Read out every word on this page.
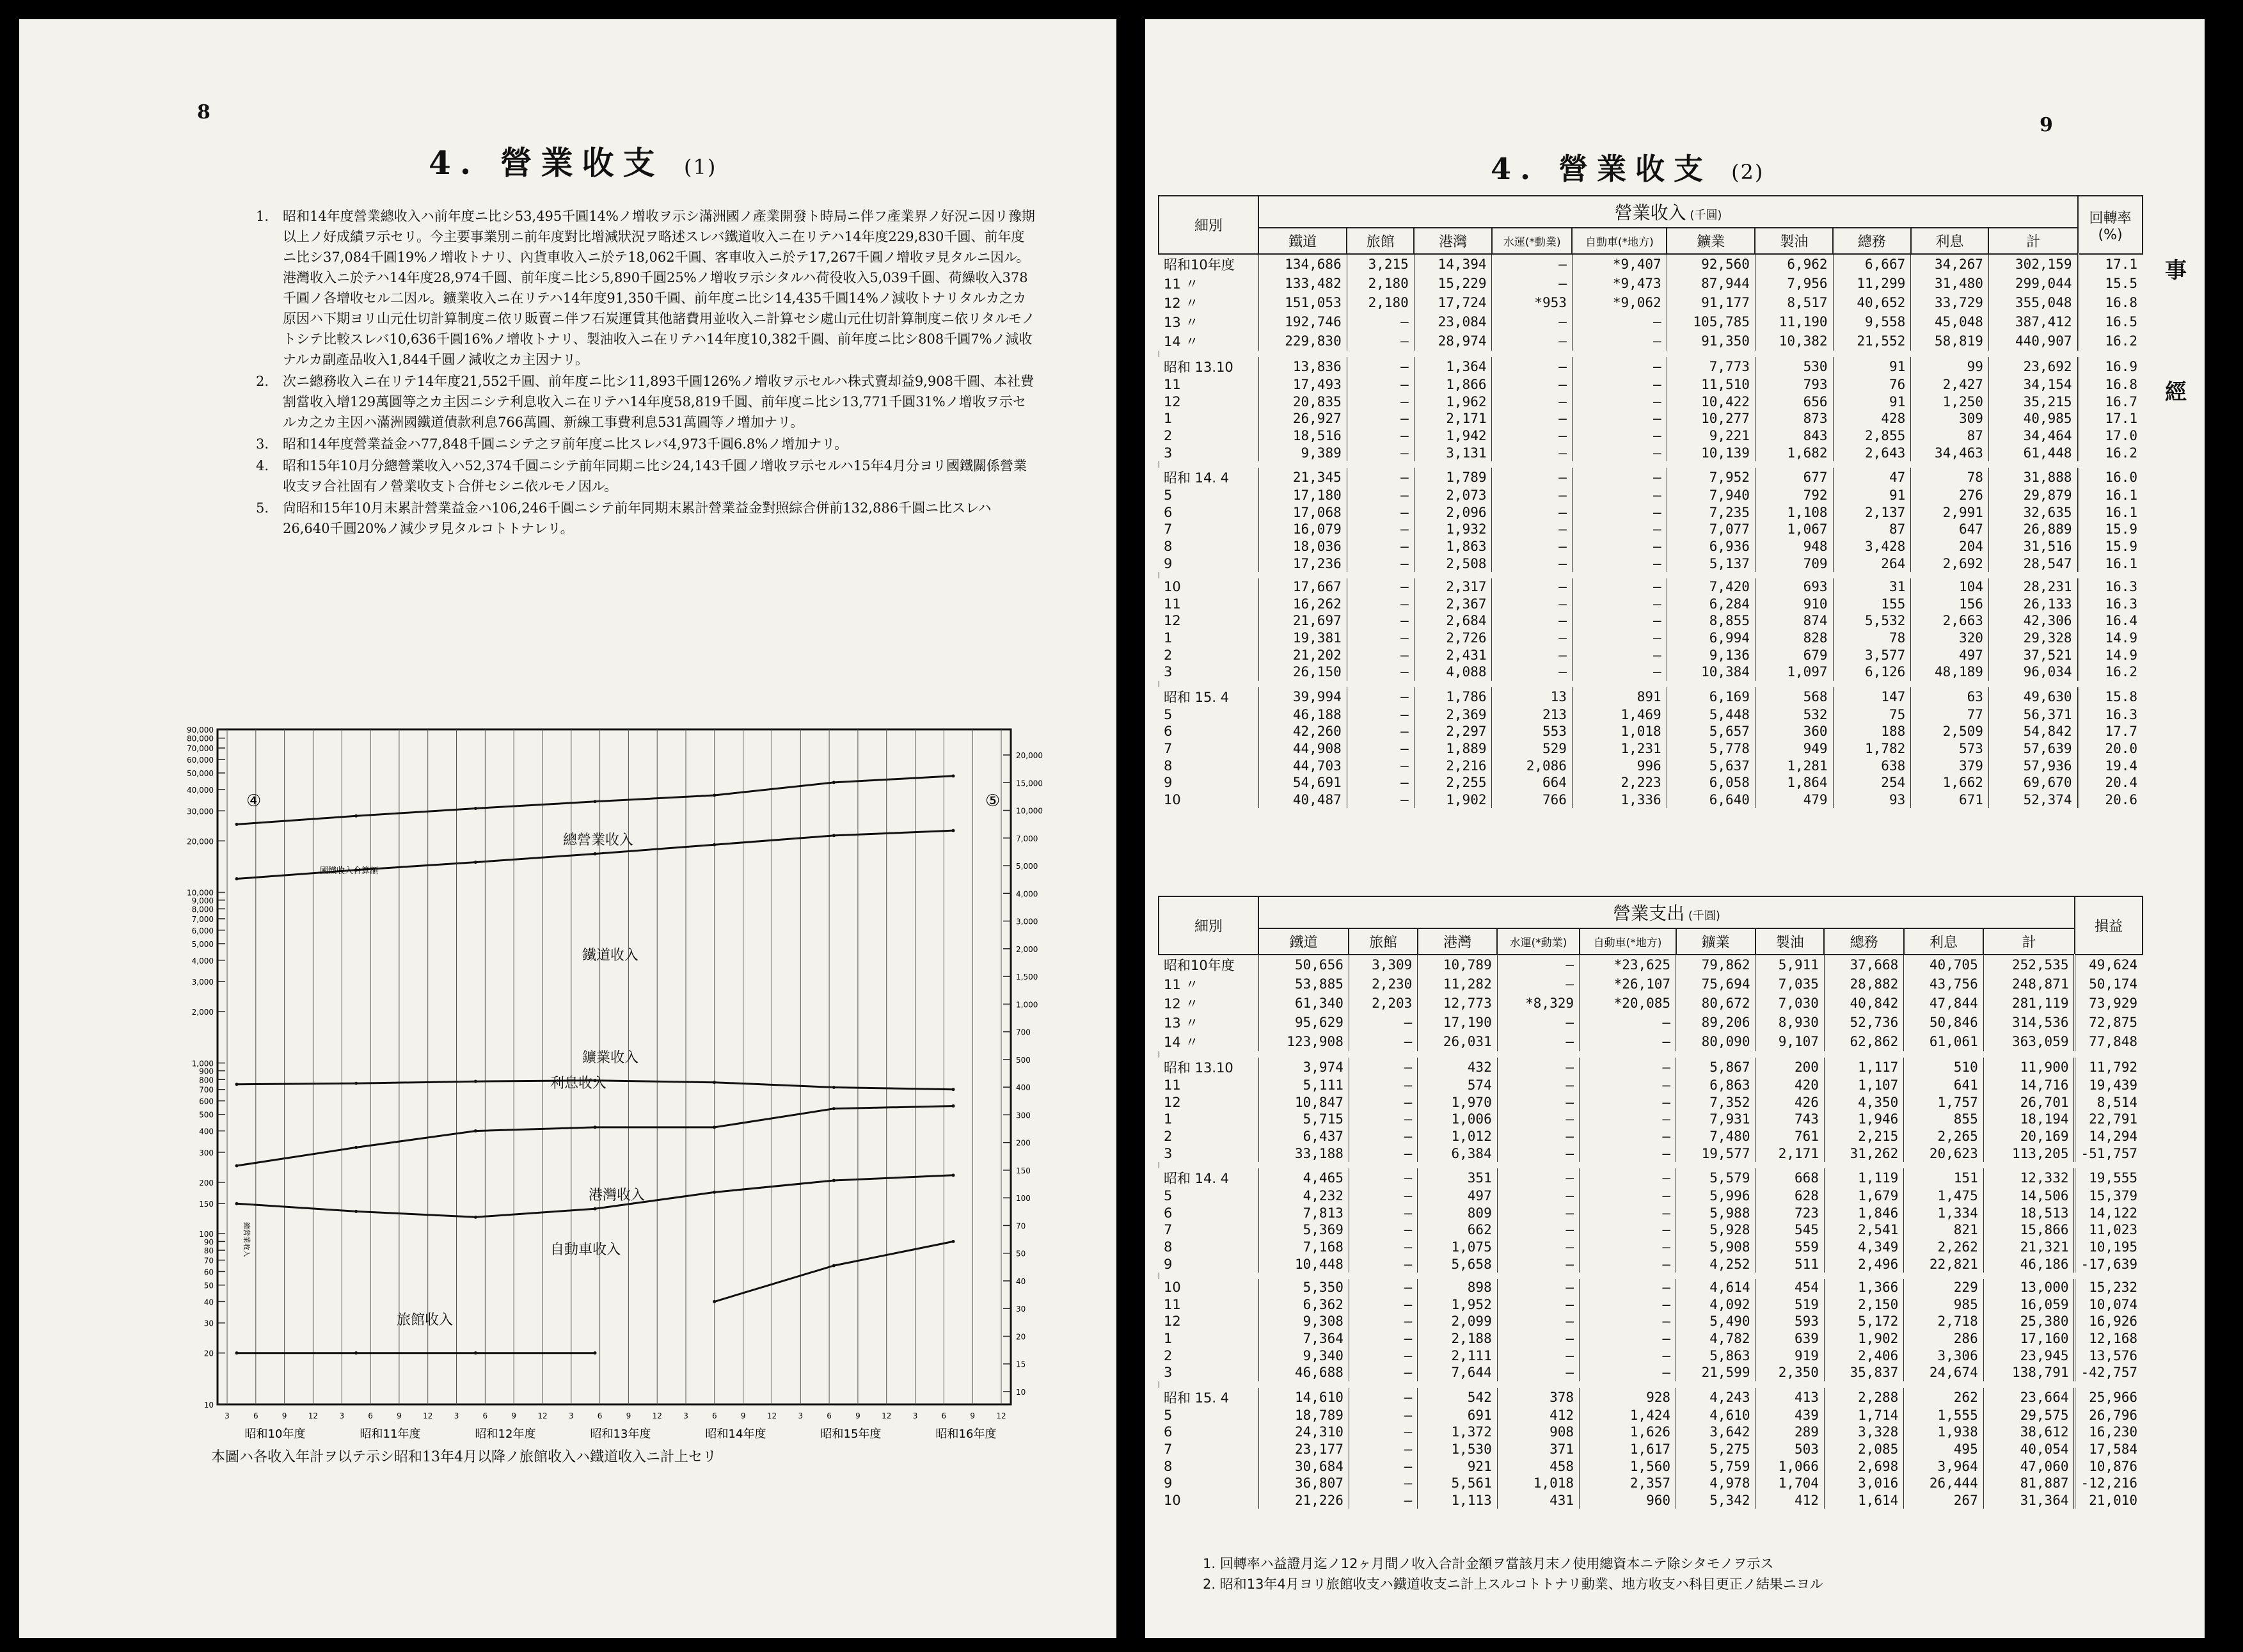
8
4. 營業收支 (1)
1.	昭和14年度營業總收入ハ前年度ニ比シ53,495千圓14%ノ增收ヲ示シ滿洲國ノ產業開發ト時局ニ伴フ產業界ノ好況ニ因リ豫期以上ノ好成績ヲ示セリ。今主要事業別ニ前年度對比增減狀況ヲ略述スレバ鐵道收入ニ在リテハ14年度229,830千圓、前年度ニ比シ37,084千圓19%ノ增收トナリ、內貨車收入ニ於テ18,062千圓、客車收入ニ於テ17,267千圓ノ增收ヲ見タルニ因ル。港灣收入ニ於テハ14年度28,974千圓、前年度ニ比シ5,890千圓25%ノ增收ヲ示シタルハ荷役收入5,039千圓、荷繰收入378千圓ノ各增收セル二因ル。鑛業收入ニ在リテハ14年度91,350千圓、前年度ニ比シ14,435千圓14%ノ減收トナリタルカ之カ原因ハ下期ヨリ山元仕切計算制度ニ依リ販賣ニ伴フ石炭運賃其他諸費用並收入ニ計算セシ處山元仕切計算制度ニ依リタルモノトシテ比較スレバ10,636千圓16%ノ增收トナリ、製油收入ニ在リテハ14年度10,382千圓、前年度ニ比シ808千圓7%ノ減收ナルカ副產品收入1,844千圓ノ減收之カ主因ナリ。
2.	次ニ總務收入ニ在リテ14年度21,552千圓、前年度ニ比シ11,893千圓126%ノ增收ヲ示セルハ株式賣却益9,908千圓、本社費割當收入增129萬圓等之カ主因ニシテ利息收入ニ在リテハ14年度58,819千圓、前年度ニ比シ13,771千圓31%ノ增收ヲ示セルカ之カ主因ハ滿洲國鐵道債款利息766萬圓、新線工事費利息531萬圓等ノ增加ナリ。
3.	昭和14年度營業益金ハ77,848千圓ニシテ之ヲ前年度ニ比スレバ4,973千圓6.8%ノ增加ナリ。
4.	昭和15年10月分總營業收入ハ52,374千圓ニシテ前年同期ニ比シ24,143千圓ノ增收ヲ示セルハ15年4月分ヨリ國鐵關係營業收支ヲ合社固有ノ營業收支ト合併セシニ依ルモノ因ル。
5.	尙昭和15年10月末累計營業益金ハ106,246千圓ニシテ前年同期末累計營業益金對照綜合併前132,886千圓ニ比スレハ26,640千圓20%ノ減少ヲ見タルコトトナレリ。
90,000
80,000
70,000
60,000
50,000
40,000
30,000
20,000
10,000
9,000
8,000
7,000
6,000
5,000
4,000
3,000
2,000
1,000
900
800
700
600
500
400
300
200
150
100
90
80
70
60
50
40
30
20
10
20,000
15,000
10,000
7,000
5,000
4,000
3,000
2,000
1,500
1,000
700
500
400
300
200
150
100
70
50
40
30
20
15
10
3	6	9	12	3	6	9	12	3	6	9	12	3	6	9	12	3	6	9	12	3	6	9	12	3	6	9	12
昭和10年度	昭和11年度	昭和12年度	昭和13年度	昭和14年度	昭和15年度	昭和16年度
總營業收入
鐵道收入
鑛業收入
利息收入
港灣收入
自動車收入
旅館收入
國鐵收入合算額
④	⑤
總營業收入
本圖ハ各收入年計ヲ以テ示シ昭和13年4月以降ノ旅館收入ハ鐵道收入ニ計上セリ
9
4. 營業收支 (2)
事
經
細別	營業收入 (千圓)										回轉率(%)
	鐵道	旅館	港灣	水運(*動業)	自動車(*地方)	鑛業	製油	總務	利息	計	
昭和10年度	134,686	3,215	14,394	—	*9,407	92,560	6,962	6,667	34,267	302,159	17.1
11 〃	133,482	2,180	15,229	—	*9,473	87,944	7,956	11,299	31,480	299,044	15.5
12 〃	151,053	2,180	17,724	*953	*9,062	91,177	8,517	40,652	33,729	355,048	16.8
13 〃	192,746	—	23,084	—	—	105,785	11,190	9,558	45,048	387,412	16.5
14 〃	229,830	—	28,974	—	—	91,350	10,382	21,552	58,819	440,907	16.2

昭和 13.10	13,836	—	1,364	—	—	7,773	530	91	99	23,692	16.9
11	17,493	—	1,866	—	—	11,510	793	76	2,427	34,154	16.8
12	20,835	—	1,962	—	—	10,422	656	91	1,250	35,215	16.7
1	26,927	—	2,171	—	—	10,277	873	428	309	40,985	17.1
2	18,516	—	1,942	—	—	9,221	843	2,855	87	34,464	17.0
3	9,389	—	3,131	—	—	10,139	1,682	2,643	34,463	61,448	16.2

昭和 14. 4	21,345	—	1,789	—	—	7,952	677	47	78	31,888	16.0
5	17,180	—	2,073	—	—	7,940	792	91	276	29,879	16.1
6	17,068	—	2,096	—	—	7,235	1,108	2,137	2,991	32,635	16.1
7	16,079	—	1,932	—	—	7,077	1,067	87	647	26,889	15.9
8	18,036	—	1,863	—	—	6,936	948	3,428	204	31,516	15.9
9	17,236	—	2,508	—	—	5,137	709	264	2,692	28,547	16.1

10	17,667	—	2,317	—	—	7,420	693	31	104	28,231	16.3
11	16,262	—	2,367	—	—	6,284	910	155	156	26,133	16.3
12	21,697	—	2,684	—	—	8,855	874	5,532	2,663	42,306	16.4
1	19,381	—	2,726	—	—	6,994	828	78	320	29,328	14.9
2	21,202	—	2,431	—	—	9,136	679	3,577	497	37,521	14.9
3	26,150	—	4,088	—	—	10,384	1,097	6,126	48,189	96,034	16.2

昭和 15. 4	39,994	—	1,786	13	891	6,169	568	147	63	49,630	15.8
5	46,188	—	2,369	213	1,469	5,448	532	75	77	56,371	16.3
6	42,260	—	2,297	553	1,018	5,657	360	188	2,509	54,842	17.7
7	44,908	—	1,889	529	1,231	5,778	949	1,782	573	57,639	20.0
8	44,703	—	2,216	2,086	996	5,637	1,281	638	379	57,936	19.4
9	54,691	—	2,255	664	2,223	6,058	1,864	254	1,662	69,670	20.4
10	40,487	—	1,902	766	1,336	6,640	479	93	671	52,374	20.6
細別	營業支出 (千圓)										損益
	鐵道	旅館	港灣	水運(*動業)	自動車(*地方)	鑛業	製油	總務	利息	計	
昭和10年度	50,656	3,309	10,789	—	*23,625	79,862	5,911	37,668	40,705	252,535	49,624
11 〃	53,885	2,230	11,282	—	*26,107	75,694	7,035	28,882	43,756	248,871	50,174
12 〃	61,340	2,203	12,773	*8,329	*20,085	80,672	7,030	40,842	47,844	281,119	73,929
13 〃	95,629	—	17,190	—	—	89,206	8,930	52,736	50,846	314,536	72,875
14 〃	123,908	—	26,031	—	—	80,090	9,107	62,862	61,061	363,059	77,848

昭和 13.10	3,974	—	432	—	—	5,867	200	1,117	510	11,900	11,792
11	5,111	—	574	—	—	6,863	420	1,107	641	14,716	19,439
12	10,847	—	1,970	—	—	7,352	426	4,350	1,757	26,701	8,514
1	5,715	—	1,006	—	—	7,931	743	1,946	855	18,194	22,791
2	6,437	—	1,012	—	—	7,480	761	2,215	2,265	20,169	14,294
3	33,188	—	6,384	—	—	19,577	2,171	31,262	20,623	113,205	-51,757

昭和 14. 4	4,465	—	351	—	—	5,579	668	1,119	151	12,332	19,555
5	4,232	—	497	—	—	5,996	628	1,679	1,475	14,506	15,379
6	7,813	—	809	—	—	5,988	723	1,846	1,334	18,513	14,122
7	5,369	—	662	—	—	5,928	545	2,541	821	15,866	11,023
8	7,168	—	1,075	—	—	5,908	559	4,349	2,262	21,321	10,195
9	10,448	—	5,658	—	—	4,252	511	2,496	22,821	46,186	-17,639

10	5,350	—	898	—	—	4,614	454	1,366	229	13,000	15,232
11	6,362	—	1,952	—	—	4,092	519	2,150	985	16,059	10,074
12	9,308	—	2,099	—	—	5,490	593	5,172	2,718	25,380	16,926
1	7,364	—	2,188	—	—	4,782	639	1,902	286	17,160	12,168
2	9,340	—	2,111	—	—	5,863	919	2,406	3,306	23,945	13,576
3	46,688	—	7,644	—	—	21,599	2,350	35,837	24,674	138,791	-42,757

昭和 15. 4	14,610	—	542	378	928	4,243	413	2,288	262	23,664	25,966
5	18,789	—	691	412	1,424	4,610	439	1,714	1,555	29,575	26,796
6	24,310	—	1,372	908	1,626	3,642	289	3,328	1,938	38,612	16,230
7	23,177	—	1,530	371	1,617	5,275	503	2,085	495	40,054	17,584
8	30,684	—	921	458	1,560	5,759	1,066	2,698	3,964	47,060	10,876
9	36,807	—	5,561	1,018	2,357	4,978	1,704	3,016	26,444	81,887	-12,216
10	21,226	—	1,113	431	960	5,342	412	1,614	267	31,364	21,010
1. 回轉率ハ益證月迄ノ12ヶ月間ノ收入合計金額ヲ當該月末ノ使用總資本ニテ除シタモノヲ示ス
2. 昭和13年4月ヨリ旅館收支ハ鐵道收支ニ計上スルコトトナリ動業、地方收支ハ科目更正ノ結果ニヨル
